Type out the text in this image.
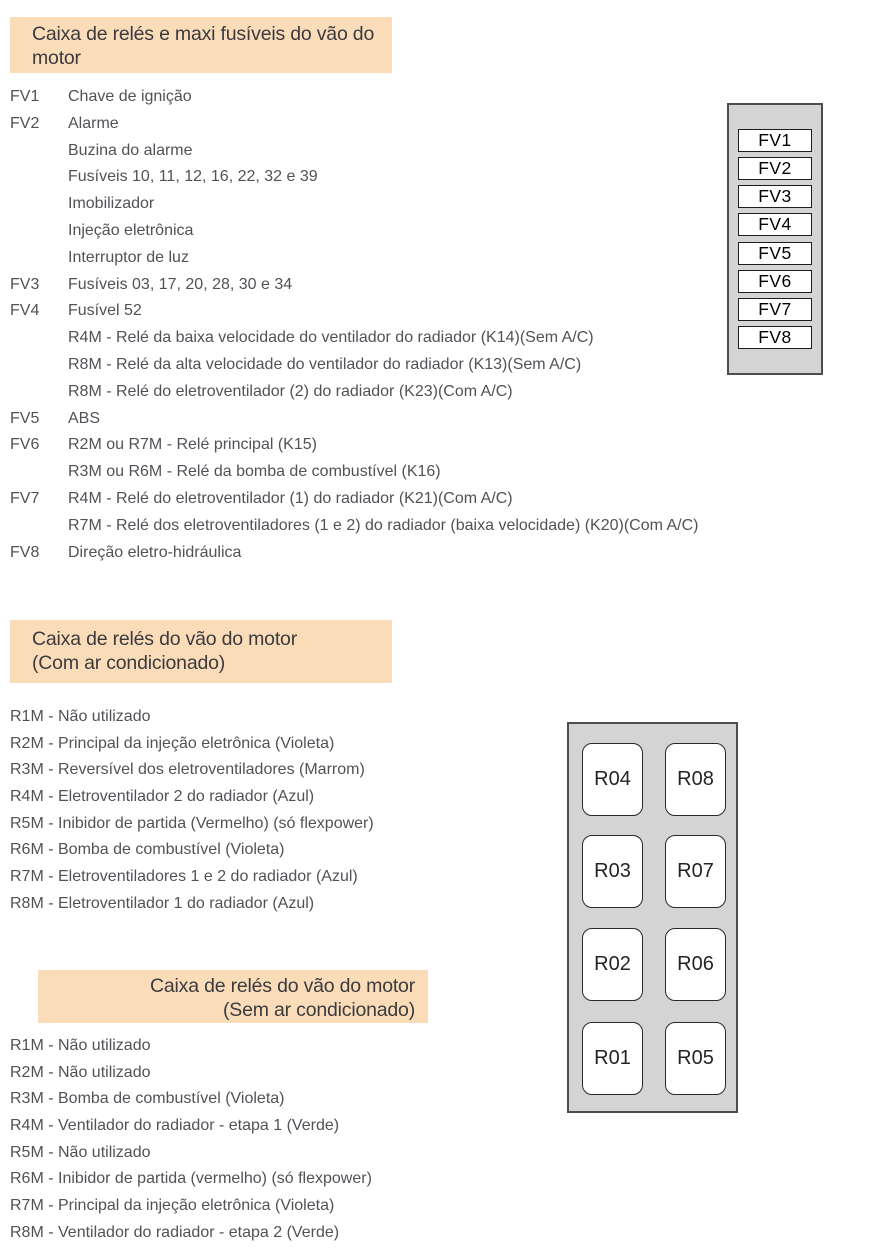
Caixa de relés e maxi fusíveis do vão do
motor
FV1	Chave de ignição
FV2	Alarme
Buzina do alarme
Fusíveis 10, 11, 12, 16, 22, 32 e 39
Imobilizador
Injeção eletrônica
Interruptor de luz
FV3	Fusíveis 03, 17, 20, 28, 30 e 34
FV4	Fusível 52
R4M - Relé da baixa velocidade do ventilador do radiador (K14)(Sem A/C)
R8M - Relé da alta velocidade do ventilador do radiador (K13)(Sem A/C)
R8M - Relé do eletroventilador (2) do radiador (K23)(Com A/C)
FV5	ABS
FV6	R2M ou R7M - Relé principal (K15)
R3M ou R6M - Relé da bomba de combustível (K16)
FV7	R4M - Relé do eletroventilador (1) do radiador (K21)(Com A/C)
R7M - Relé dos eletroventiladores (1 e 2) do radiador (baixa velocidade) (K20)(Com A/C)
FV8	Direção eletro-hidráulica
FV1
FV2
FV3
FV4
FV5
FV6
FV7
FV8
Caixa de relés do vão do motor
(Com ar condicionado)
R1M - Não utilizado
R2M - Principal da injeção eletrônica (Violeta)
R3M - Reversível dos eletroventiladores (Marrom)
R4M - Eletroventilador 2 do radiador (Azul)
R5M - Inibidor de partida (Vermelho) (só flexpower)
R6M - Bomba de combustível (Violeta)
R7M - Eletroventiladores 1 e 2 do radiador (Azul)
R8M - Eletroventilador 1 do radiador (Azul)
R04	R08
R03	R07
R02	R06
R01	R05
Caixa de relés do vão do motor
(Sem ar condicionado)
R1M - Não utilizado
R2M - Não utilizado
R3M - Bomba de combustível (Violeta)
R4M - Ventilador do radiador - etapa 1 (Verde)
R5M - Não utilizado
R6M - Inibidor de partida (vermelho) (só flexpower)
R7M - Principal da injeção eletrônica (Violeta)
R8M - Ventilador do radiador - etapa 2 (Verde)
